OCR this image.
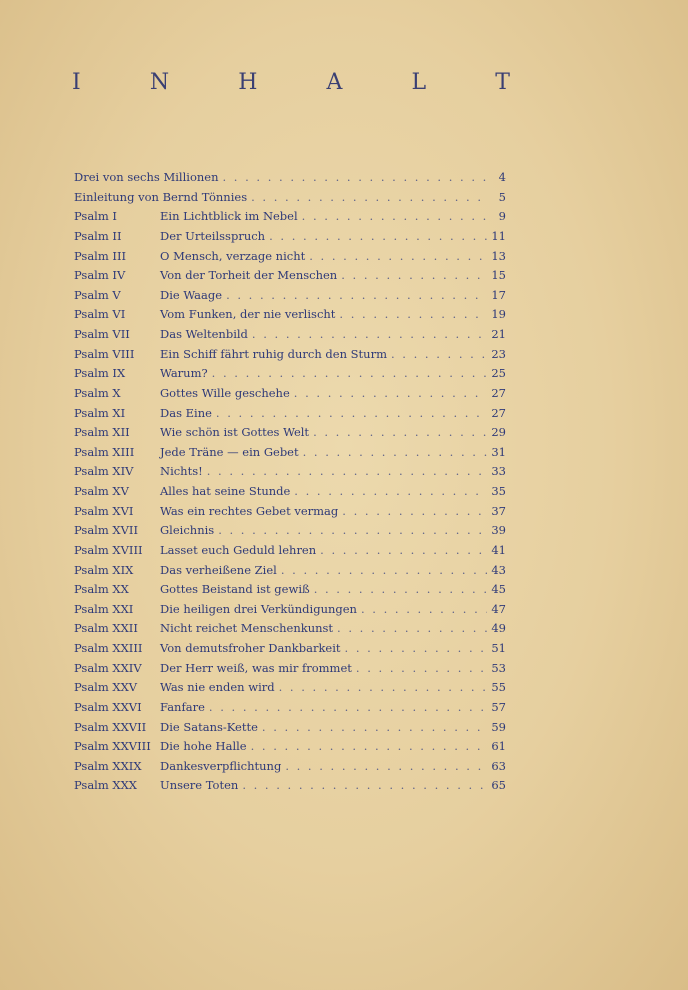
I	N	H	A	L	T
Drei von sechs Millionen . . .	4
Einleitung von Bernd Tönnies . . .	5
Psalm I	Ein Lichtblick im Nebel . . .	9
Psalm II	Der Urteilsspruch . . .	11
Psalm III	O Mensch, verzage nicht . . .	13
Psalm IV	Von der Torheit der Menschen . . .	15
Psalm V	Die Waage . . .	17
Psalm VI	Vom Funken, der nie verlischt . . .	19
Psalm VII	Das Weltenbild . . .	21
Psalm VIII	Ein Schiff fährt ruhig durch den Sturm . . .	23
Psalm IX	Warum? . . .	25
Psalm X	Gottes Wille geschehe . . .	27
Psalm XI	Das Eine . . .	27
Psalm XII	Wie schön ist Gottes Welt . . .	29
Psalm XIII	Jede Träne — ein Gebet . . .	31
Psalm XIV	Nichts! . . .	33
Psalm XV	Alles hat seine Stunde . . .	35
Psalm XVI	Was ein rechtes Gebet vermag . . .	37
Psalm XVII	Gleichnis . . .	39
Psalm XVIII	Lasset euch Geduld lehren . . .	41
Psalm XIX	Das verheißene Ziel . . .	43
Psalm XX	Gottes Beistand ist gewiß . . .	45
Psalm XXI	Die heiligen drei Verkündigungen . . .	47
Psalm XXII	Nicht reichet Menschenkunst . . .	49
Psalm XXIII	Von demutsfroher Dankbarkeit . . .	51
Psalm XXIV	Der Herr weiß, was mir frommet . . .	53
Psalm XXV	Was nie enden wird . . .	55
Psalm XXVI	Fanfare . . .	57
Psalm XXVII	Die Satans-Kette . . .	59
Psalm XXVIII Die hohe Halle . . .	61
Psalm XXIX	Dankesverpflichtung . . .	63
Psalm XXX	Unsere Toten . . .	65
